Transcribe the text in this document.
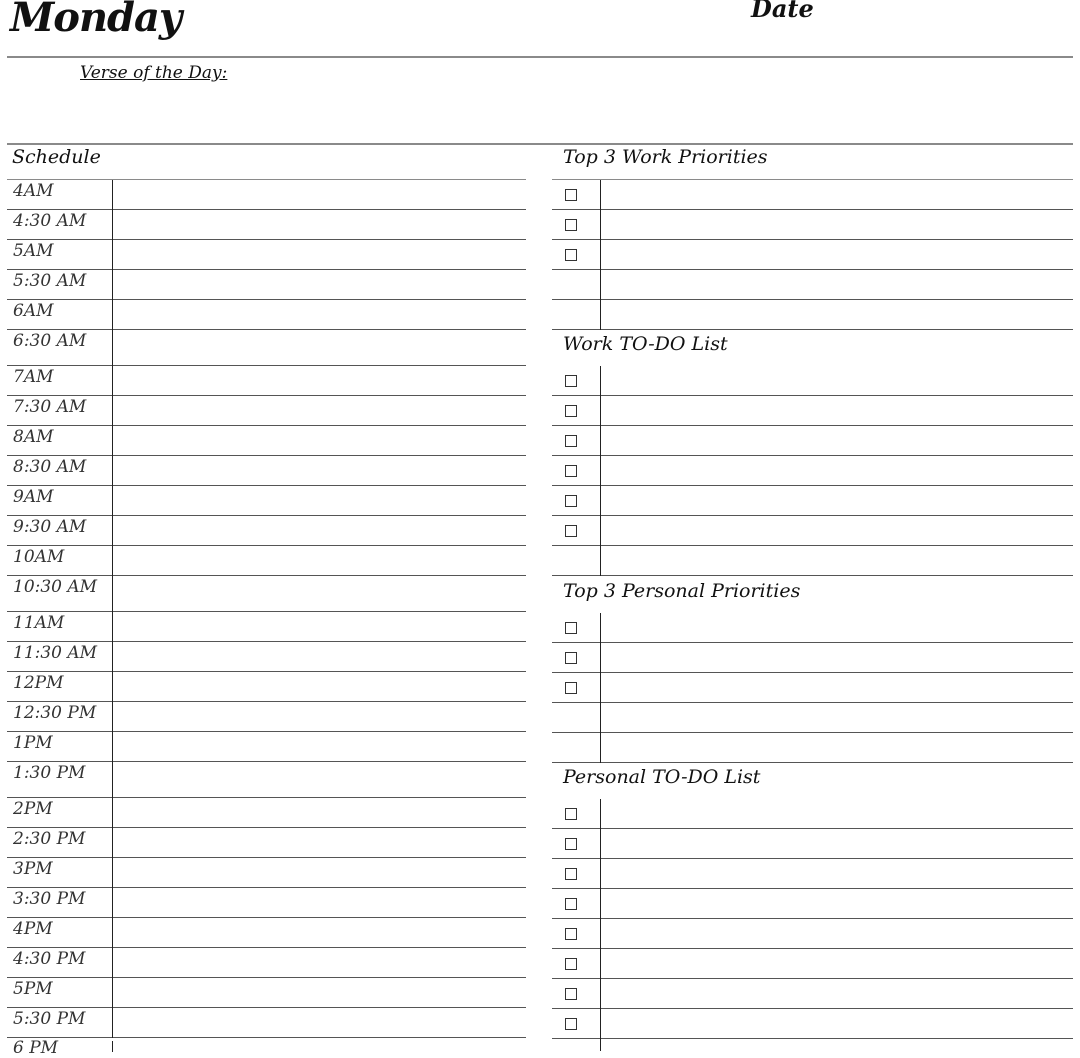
Monday	Date
Verse of the Day:
Schedule
4AM
4:30 AM
5AM
5:30 AM
6AM
6:30 AM
7AM
7:30 AM
8AM
8:30 AM
9AM
9:30 AM
10AM
10:30 AM
11AM
11:30 AM
12PM
12:30 PM
1PM
1:30 PM
2PM
2:30 PM
3PM
3:30 PM
4PM
4:30 PM
5PM
5:30 PM
6 PM
Top 3 Work Priorities
Work TO-DO List
Top 3 Personal Priorities
Personal TO-DO List
